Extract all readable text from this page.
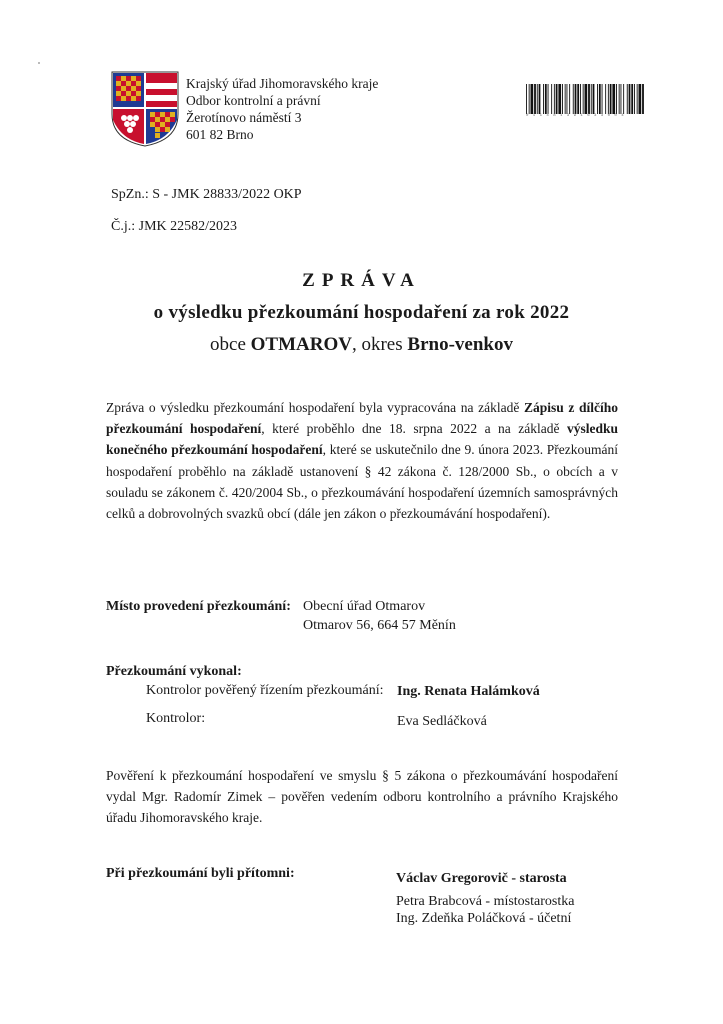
Krajský úřad Jihomoravského kraje
Odbor kontrolní a právní
Žerotínovo náměstí 3
601 82 Brno
0 1 1 4 8 1 3 9 1 6 3 3 0 0 4
SpZn.: S - JMK 28833/2022 OKP
Č.j.: JMK 22582/2023
ZPRÁVA
o výsledku přezkoumání hospodaření za rok 2022
obce OTMAROV, okres Brno-venkov
Zpráva o výsledku přezkoumání hospodaření byla vypracována na základě Zápisu z dílčího přezkoumání hospodaření, které proběhlo dne 18. srpna 2022 a na základě výsledku konečného přezkoumání hospodaření, které se uskutečnilo dne 9. února 2023. Přezkoumání hospodaření proběhlo na základě ustanovení § 42 zákona č. 128/2000 Sb., o obcích a v souladu se zákonem č. 420/2004 Sb., o přezkoumávání hospodaření územních samosprávných celků a dobrovolných svazků obcí (dále jen zákon o přezkoumávání hospodaření).
Místo provedení přezkoumání: Obecní úřad Otmarov
Otmarov 56, 664 57 Měnín
Přezkoumání vykonal:
Kontrolor pověřený řízením přezkoumání: Ing. Renata Halámková
Kontrolor:	Eva Sedláčková
Pověření k přezkoumání hospodaření ve smyslu § 5 zákona o přezkoumávání hospodaření vydal Mgr. Radomír Zimek – pověřen vedením odboru kontrolního a právního Krajského úřadu Jihomoravského kraje.
Při přezkoumání byli přítomni:	Václav Gregorovič - starosta
Petra Brabcová - místostarostka
Ing. Zdeňka Poláčková - účetní
